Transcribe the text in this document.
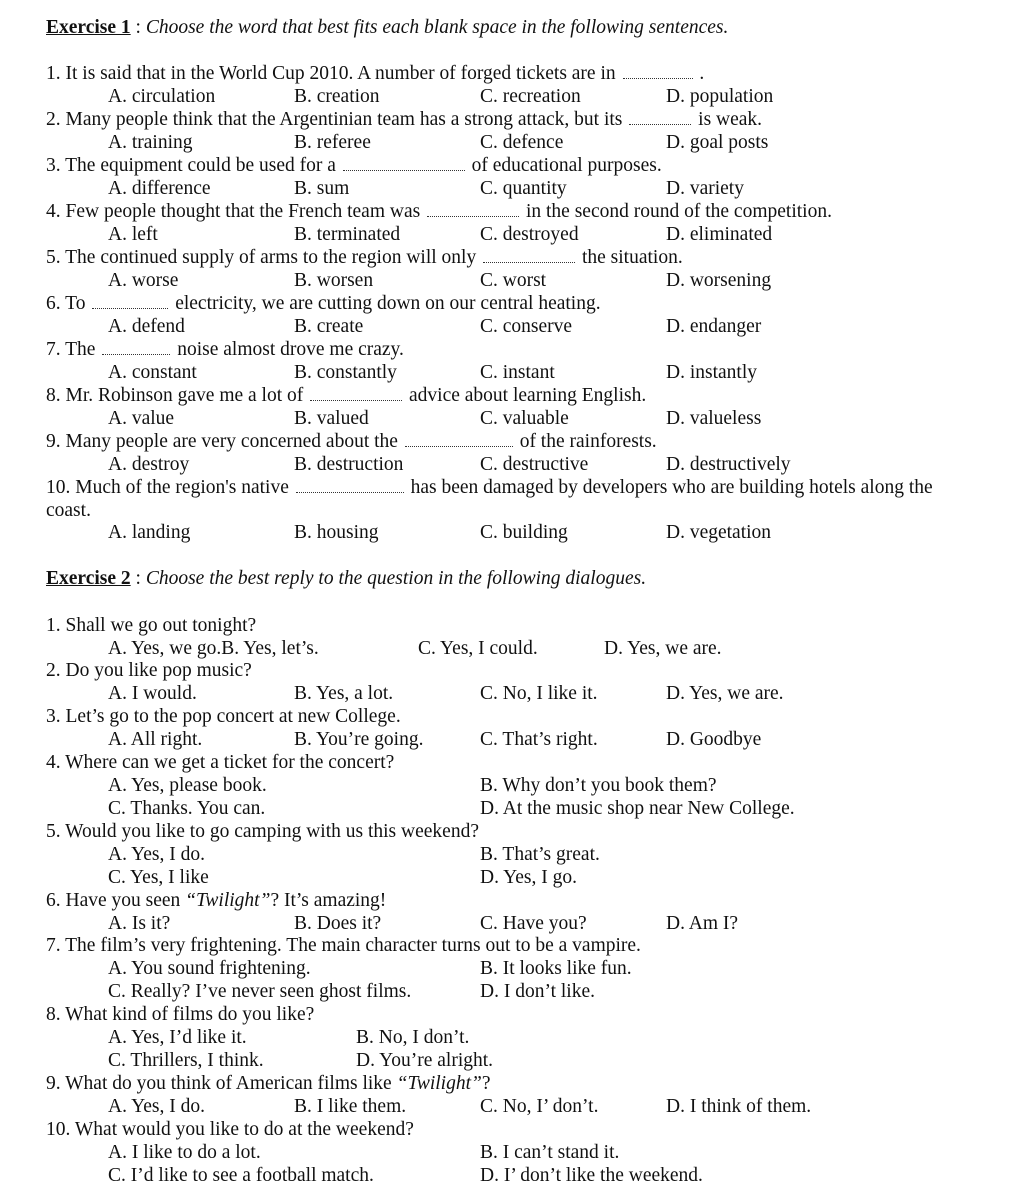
Exercise 1 : Choose the word that best fits each blank space in the following sentences.
1. It is said that in the World Cup 2010. A number of forged tickets are in	.
A. circulation	B. creation	C. recreation	D. population
2. Many people think that the Argentinian team has a strong attack, but its	is weak.
A. training	B. referee	C. defence	D. goal posts
3. The equipment could be used for a	of educational purposes.
A. difference	B. sum	C. quantity	D. variety
4. Few people thought that the French team was	in the second round of the competition.
A. left	B. terminated	C. destroyed	D. eliminated
5. The continued supply of arms to the region will only	the situation.
A. worse	B. worsen	C. worst	D. worsening
6. To	electricity, we are cutting down on our central heating.
A. defend	B. create	C. conserve	D. endanger
7. The	noise almost drove me crazy.
A. constant	B. constantly	C. instant	D. instantly
8. Mr. Robinson gave me a lot of	advice about learning English.
A. value	B. valued	C. valuable	D. valueless
9. Many people are very concerned about the	of the rainforests.
A. destroy	B. destruction	C. destructive	D. destructively
10. Much of the region's native	has been damaged by developers who are building hotels along the
coast.
A. landing	B. housing	C. building	D. vegetation
Exercise 2 : Choose the best reply to the question in the following dialogues.
1. Shall we go out tonight?
A. Yes, we go.B. Yes, let’s.	C. Yes, I could.	D. Yes, we are.
2. Do you like pop music?
A. I would.	B. Yes, a lot.	C. No, I like it.	D. Yes, we are.
3. Let’s go to the pop concert at new College.
A. All right.	B. You’re going.	C. That’s right.	D. Goodbye
4. Where can we get a ticket for the concert?
A. Yes, please book.	B. Why don’t you book them?
C. Thanks. You can.	D. At the music shop near New College.
5. Would you like to go camping with us this weekend?
A. Yes, I do.	B. That’s great.
C. Yes, I like	D. Yes, I go.
6. Have you seen “Twilight”? It’s amazing!
A. Is it?	B. Does it?	C. Have you?	D. Am I?
7. The film’s very frightening. The main character turns out to be a vampire.
A. You sound frightening.	B. It looks like fun.
C. Really? I’ve never seen ghost films.	D. I don’t like.
8. What kind of films do you like?
A. Yes, I’d like it.	B. No, I don’t.
C. Thrillers, I think.	D. You’re alright.
9. What do you think of American films like “Twilight”?
A. Yes, I do.	B. I like them.	C. No, I’ don’t.	D. I think of them.
10. What would you like to do at the weekend?
A. I like to do a lot.	B. I can’t stand it.
C. I’d like to see a football match.	D. I’ don’t like the weekend.
